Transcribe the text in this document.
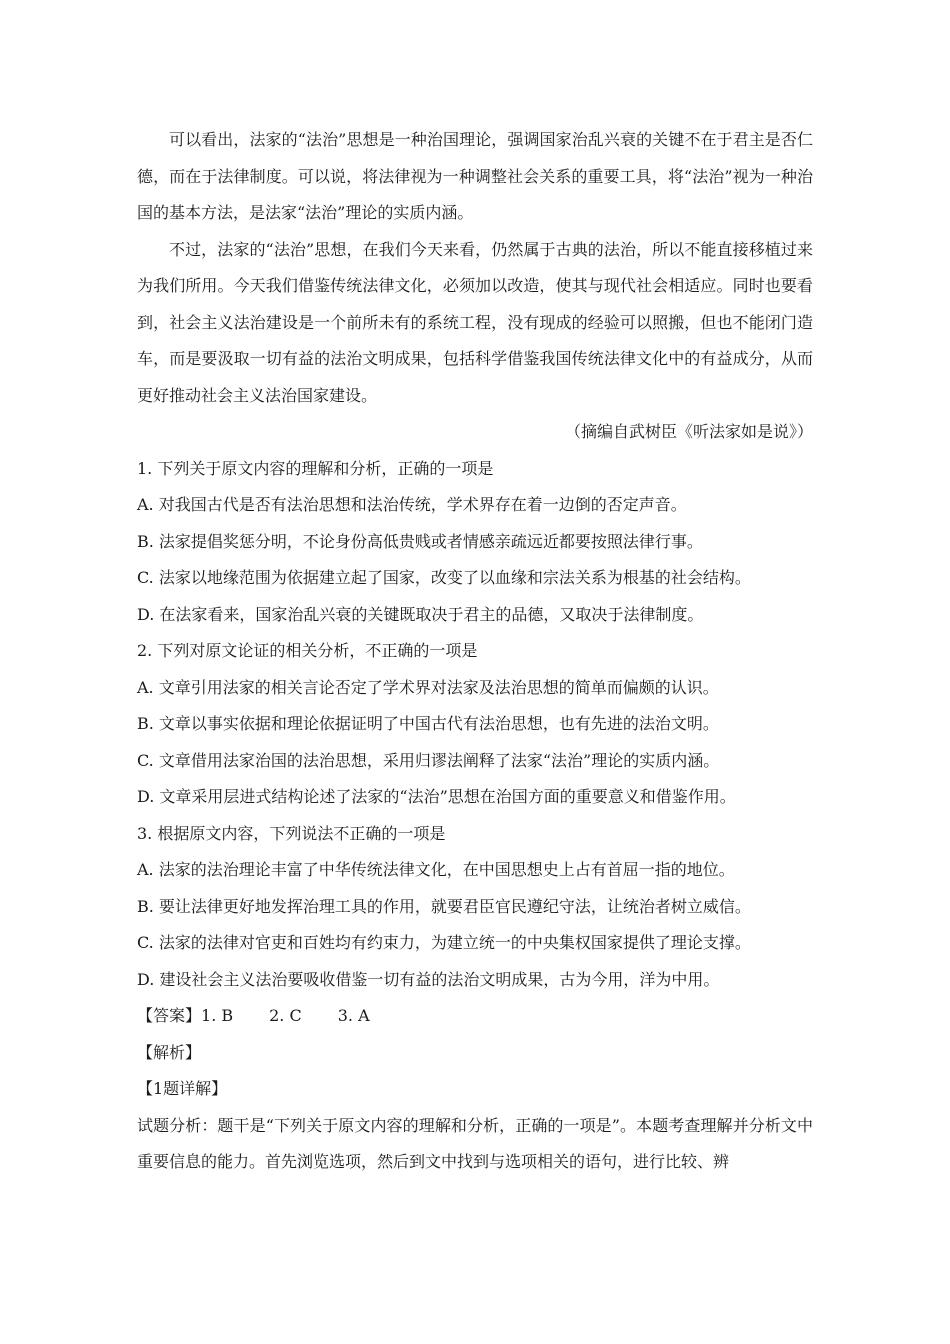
可以看出，法家的“法治”思想是一种治国理论，强调国家治乱兴衰的关键不在于君主是否仁德，而在于法律制度。可以说，将法律视为一种调整社会关系的重要工具，将“法治”视为一种治国的基本方法，是法家“法治”理论的实质内涵。

不过，法家的“法治”思想，在我们今天来看，仍然属于古典的法治，所以不能直接移植过来为我们所用。今天我们借鉴传统法律文化，必须加以改造，使其与现代社会相适应。同时也要看到，社会主义法治建设是一个前所未有的系统工程，没有现成的经验可以照搬，但也不能闭门造车，而是要汲取一切有益的法治文明成果，包括科学借鉴我国传统法律文化中的有益成分，从而更好推动社会主义法治国家建设。

（摘编自武树臣《听法家如是说》）

1. 下列关于原文内容的理解和分析，正确的一项是

A. 对我国古代是否有法治思想和法治传统，学术界存在着一边倒的否定声音。

B. 法家提倡奖惩分明，不论身份高低贵贱或者情感亲疏远近都要按照法律行事。

C. 法家以地缘范围为依据建立起了国家，改变了以血缘和宗法关系为根基的社会结构。

D. 在法家看来，国家治乱兴衰的关键既取决于君主的品德，又取决于法律制度。

2. 下列对原文论证的相关分析，不正确的一项是

A. 文章引用法家的相关言论否定了学术界对法家及法治思想的简单而偏颇的认识。

B. 文章以事实依据和理论依据证明了中国古代有法治思想，也有先进的法治文明。

C. 文章借用法家治国的法治思想，采用归谬法阐释了法家“法治”理论的实质内涵。

D. 文章采用层进式结构论述了法家的“法治”思想在治国方面的重要意义和借鉴作用。

3. 根据原文内容，下列说法不正确的一项是

A. 法家的法治理论丰富了中华传统法律文化，在中国思想史上占有首屈一指的地位。

B. 要让法律更好地发挥治理工具的作用，就要君臣官民遵纪守法，让统治者树立威信。

C. 法家的法律对官吏和百姓均有约束力，为建立统一的中央集权国家提供了理论支撑。

D. 建设社会主义法治要吸收借鉴一切有益的法治文明成果，古为今用，洋为中用。

【答案】1. B 2. C 3. A

【解析】

【1题详解】

试题分析：题干是“下列关于原文内容的理解和分析，正确的一项是”。本题考查理解并分析文中重要信息的能力。首先浏览选项，然后到文中找到与选项相关的语句，进行比较、辨
